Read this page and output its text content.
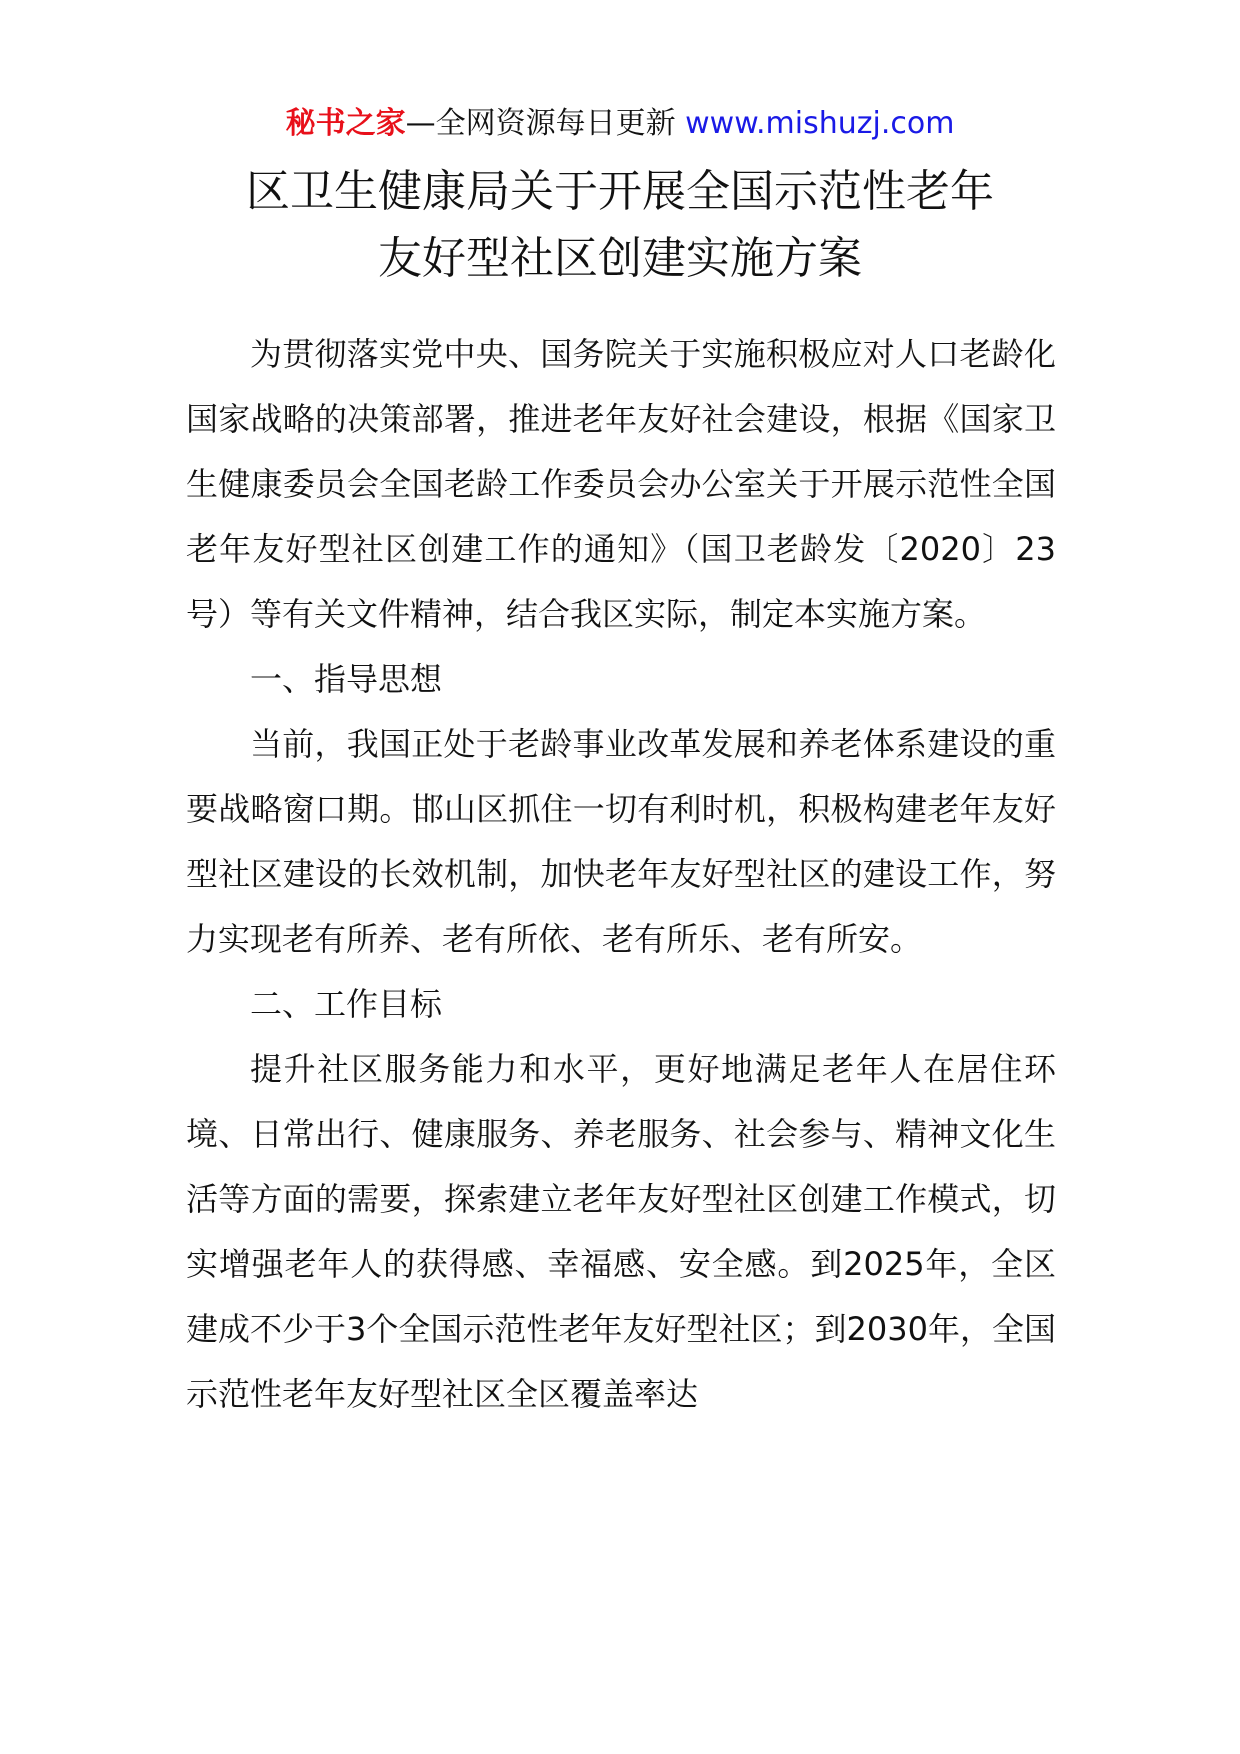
秘书之家—全网资源每日更新 www.mishuzj.com
区卫生健康局关于开展全国示范性老年
友好型社区创建实施方案

为贯彻落实党中央、国务院关于实施积极应对人口老龄化国家战略的决策部署，推进老年友好社会建设，根据《国家卫生健康委员会全国老龄工作委员会办公室关于开展示范性全国老年友好型社区创建工作的通知》（国卫老龄发〔2020〕23号）等有关文件精神，结合我区实际，制定本实施方案。

一、指导思想

当前，我国正处于老龄事业改革发展和养老体系建设的重要战略窗口期。邯山区抓住一切有利时机，积极构建老年友好型社区建设的长效机制，加快老年友好型社区的建设工作，努力实现老有所养、老有所依、老有所乐、老有所安。

二、工作目标

提升社区服务能力和水平，更好地满足老年人在居住环境、日常出行、健康服务、养老服务、社会参与、精神文化生活等方面的需要，探索建立老年友好型社区创建工作模式，切实增强老年人的获得感、幸福感、安全感。到2025年，全区建成不少于3个全国示范性老年友好型社区；到2030年，全国示范性老年友好型社区全区覆盖率达
